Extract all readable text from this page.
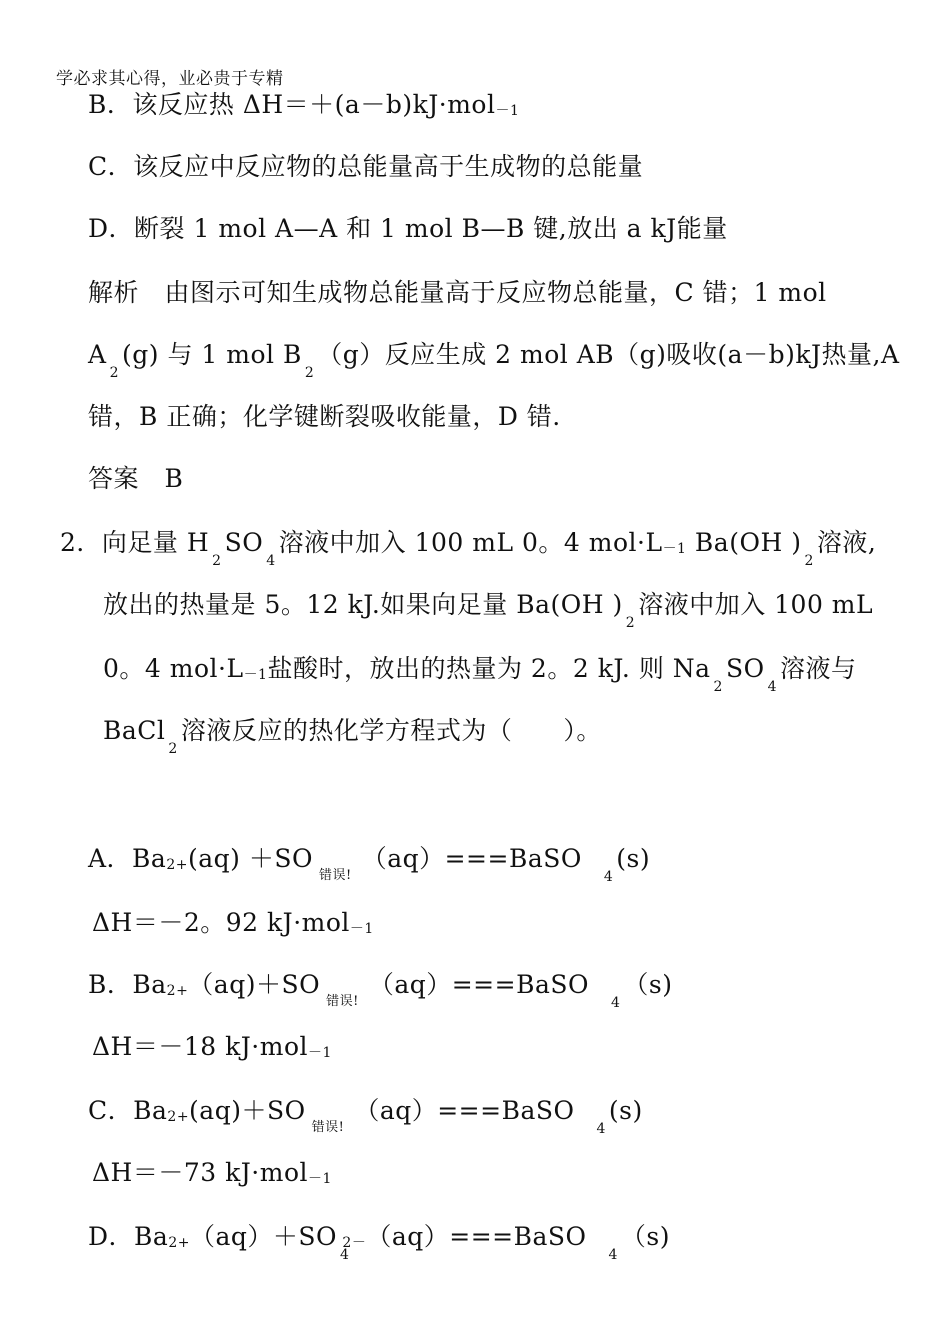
学必求其心得，业必贵于专精
B．该反应热 ΔH＝＋(a－b)kJ·mol－1
C．该反应中反应物的总能量高于生成物的总能量
D．断裂 1 mol A—A 和 1 mol B—B 键,放出 a kJ能量
解析　由图示可知生成物总能量高于反应物总能量，C 错；1 mol
$A_2(g)$ 与 1 mol $B_2(g)$反应生成 2 mol AB（g)吸收(a－b)kJ热量,A
错，B 正确；化学键断裂吸收能量，D 错.
答案　B
2．向足量 $H_2SO_4$溶液中加入 100 mL 0。4 mol·L－1 Ba(OH )$_2$溶液,
放出的热量是 5。12 kJ.如果向足量 Ba(OH )$_2$溶液中加入 100 mL
0。4 mol·L－1盐酸时，放出的热量为 2。2 kJ. 则 $Na_2SO_4$溶液与
BaCl$_2$溶液反应的热化学方程式为（　　）。
A．$Ba2+(aq) +SO_{错误!}(aq)===BaSO_4(s)$
ΔH＝－2。92 kJ·mol－1
B．$Ba2+(aq)+SO_{错误!}(aq)===BaSO_4(s)$
ΔH＝－18 kJ·mol－1
C．$Ba2+(aq)+SO_{错误!}(aq)===BaSO_4(s)$
ΔH＝－73 kJ·mol－1
D．$Ba2+(aq)+SO_42-(aq)===BaSO_4(s)$
